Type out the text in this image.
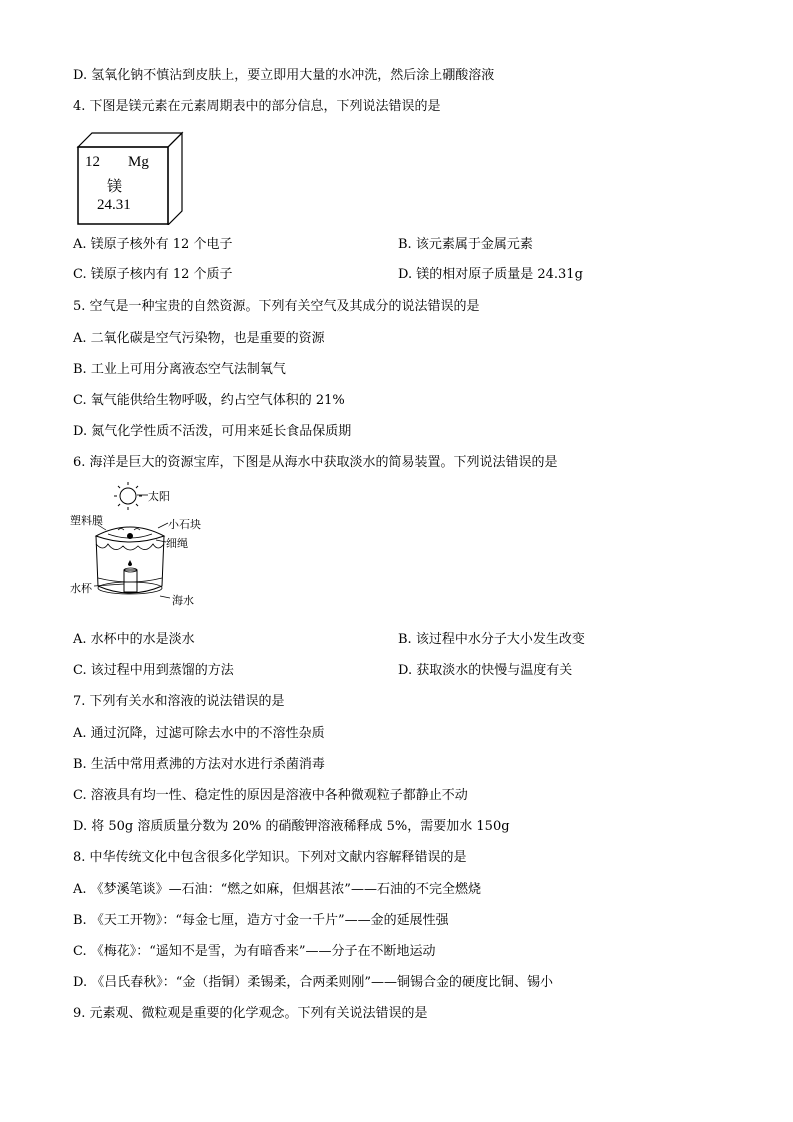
D. 氢氧化钠不慎沾到皮肤上，要立即用大量的水冲洗，然后涂上硼酸溶液
4. 下图是镁元素在元素周期表中的部分信息，下列说法错误的是
12 Mg
镁
24.31
A. 镁原子核外有 12 个电子	B. 该元素属于金属元素
C. 镁原子核内有 12 个质子	D. 镁的相对原子质量是 24.31g
5. 空气是一种宝贵的自然资源。下列有关空气及其成分的说法错误的是
A. 二氧化碳是空气污染物，也是重要的资源
B. 工业上可用分离液态空气法制氧气
C. 氧气能供给生物呼吸，约占空气体积的 21%
D. 氮气化学性质不活泼，可用来延长食品保质期
6. 海洋是巨大的资源宝库，下图是从海水中获取淡水的简易装置。下列说法错误的是
太阳
塑料膜	小石块
细绳
水杯
海水
A. 水杯中的水是淡水	B. 该过程中水分子大小发生改变
C. 该过程中用到蒸馏的方法	D. 获取淡水的快慢与温度有关
7. 下列有关水和溶液的说法错误的是
A. 通过沉降，过滤可除去水中的不溶性杂质
B. 生活中常用煮沸的方法对水进行杀菌消毒
C. 溶液具有均一性、稳定性的原因是溶液中各种微观粒子都静止不动
D. 将 50g 溶质质量分数为 20% 的硝酸钾溶液稀释成 5%，需要加水 150g
8. 中华传统文化中包含很多化学知识。下列对文献内容解释错误的是
A. 《梦溪笔谈》—石油：“燃之如麻，但烟甚浓”——石油的不完全燃烧
B. 《天工开物》：“每金七厘，造方寸金一千片”——金的延展性强
C. 《梅花》：“遥知不是雪，为有暗香来”——分子在不断地运动
D. 《吕氏春秋》：“金（指铜）柔锡柔，合两柔则刚”——铜锡合金的硬度比铜、锡小
9. 元素观、微粒观是重要的化学观念。下列有关说法错误的是
